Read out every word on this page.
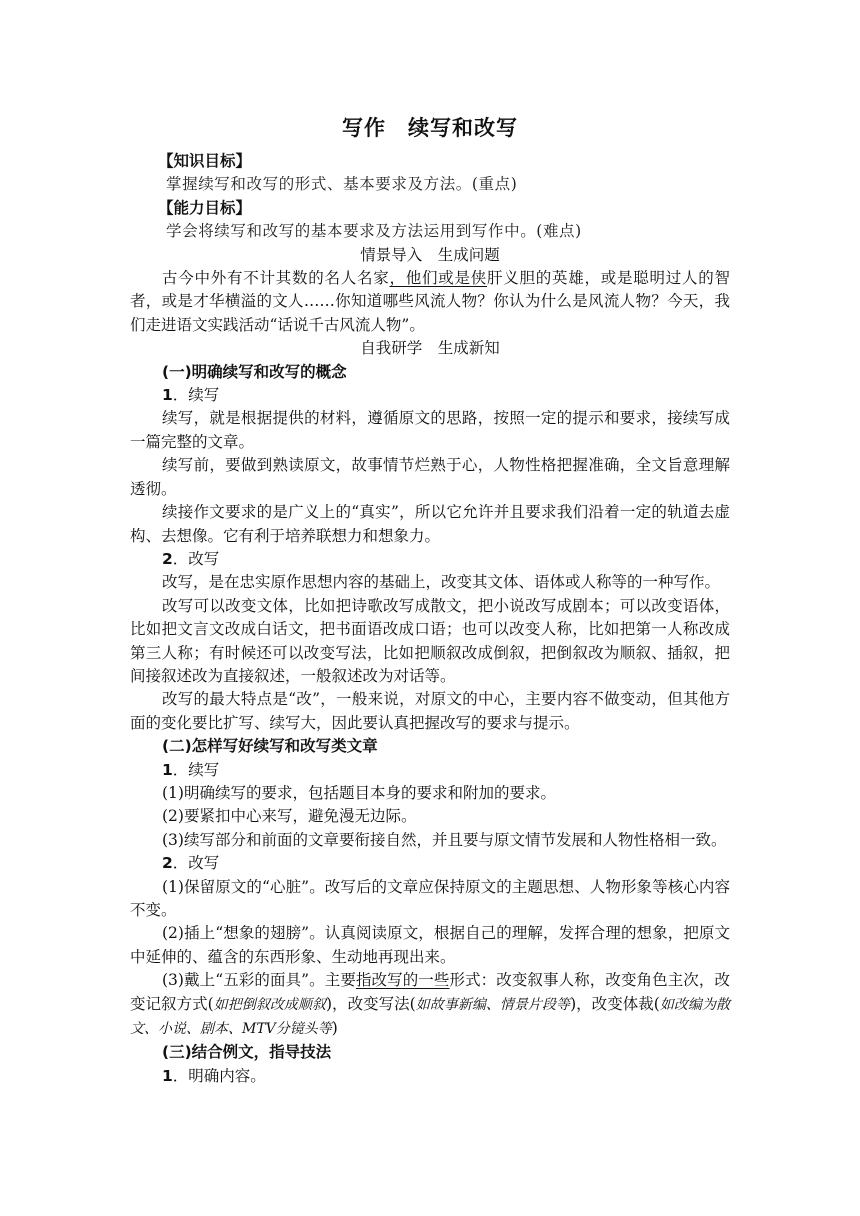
写作　续写和改写

【知识目标】

掌握续写和改写的形式、基本要求及方法。(重点)

【能力目标】

学会将续写和改写的基本要求及方法运用到写作中。(难点)

情景导入　生成问题

古今中外有不计其数的名人名家，他们或是侠肝义胆的英雄，或是聪明过人的智者，或是才华横溢的文人……你知道哪些风流人物？你认为什么是风流人物？今天，我们走进语文实践活动“话说千古风流人物”。

自我研学　生成新知

(一)明确续写和改写的概念

1．续写

续写，就是根据提供的材料，遵循原文的思路，按照一定的提示和要求，接续写成一篇完整的文章。

续写前，要做到熟读原文，故事情节烂熟于心，人物性格把握准确，全文旨意理解透彻。

续接作文要求的是广义上的“真实”，所以它允许并且要求我们沿着一定的轨道去虚构、去想像。它有利于培养联想力和想象力。

2．改写

改写，是在忠实原作思想内容的基础上，改变其文体、语体或人称等的一种写作。

改写可以改变文体，比如把诗歌改写成散文，把小说改写成剧本；可以改变语体，比如把文言文改成白话文，把书面语改成口语；也可以改变人称，比如把第一人称改成第三人称；有时候还可以改变写法，比如把顺叙改成倒叙，把倒叙改为顺叙、插叙，把间接叙述改为直接叙述，一般叙述改为对话等。

改写的最大特点是“改”，一般来说，对原文的中心，主要内容不做变动，但其他方面的变化要比扩写、续写大，因此要认真把握改写的要求与提示。

(二)怎样写好续写和改写类文章

1．续写

(1)明确续写的要求，包括题目本身的要求和附加的要求。

(2)要紧扣中心来写，避免漫无边际。

(3)续写部分和前面的文章要衔接自然，并且要与原文情节发展和人物性格相一致。

2．改写

(1)保留原文的“心脏”。改写后的文章应保持原文的主题思想、人物形象等核心内容不变。

(2)插上“想象的翅膀”。认真阅读原文，根据自己的理解，发挥合理的想象，把原文中延伸的、蕴含的东西形象、生动地再现出来。

(3)戴上“五彩的面具”。主要指改写的一些形式：改变叙事人称，改变角色主次，改变记叙方式(如把倒叙改成顺叙)，改变写法(如故事新编、情景片段等)，改变体裁(如改编为散文、小说、剧本、MTV分镜头等)

(三)结合例文，指导技法

1．明确内容。
